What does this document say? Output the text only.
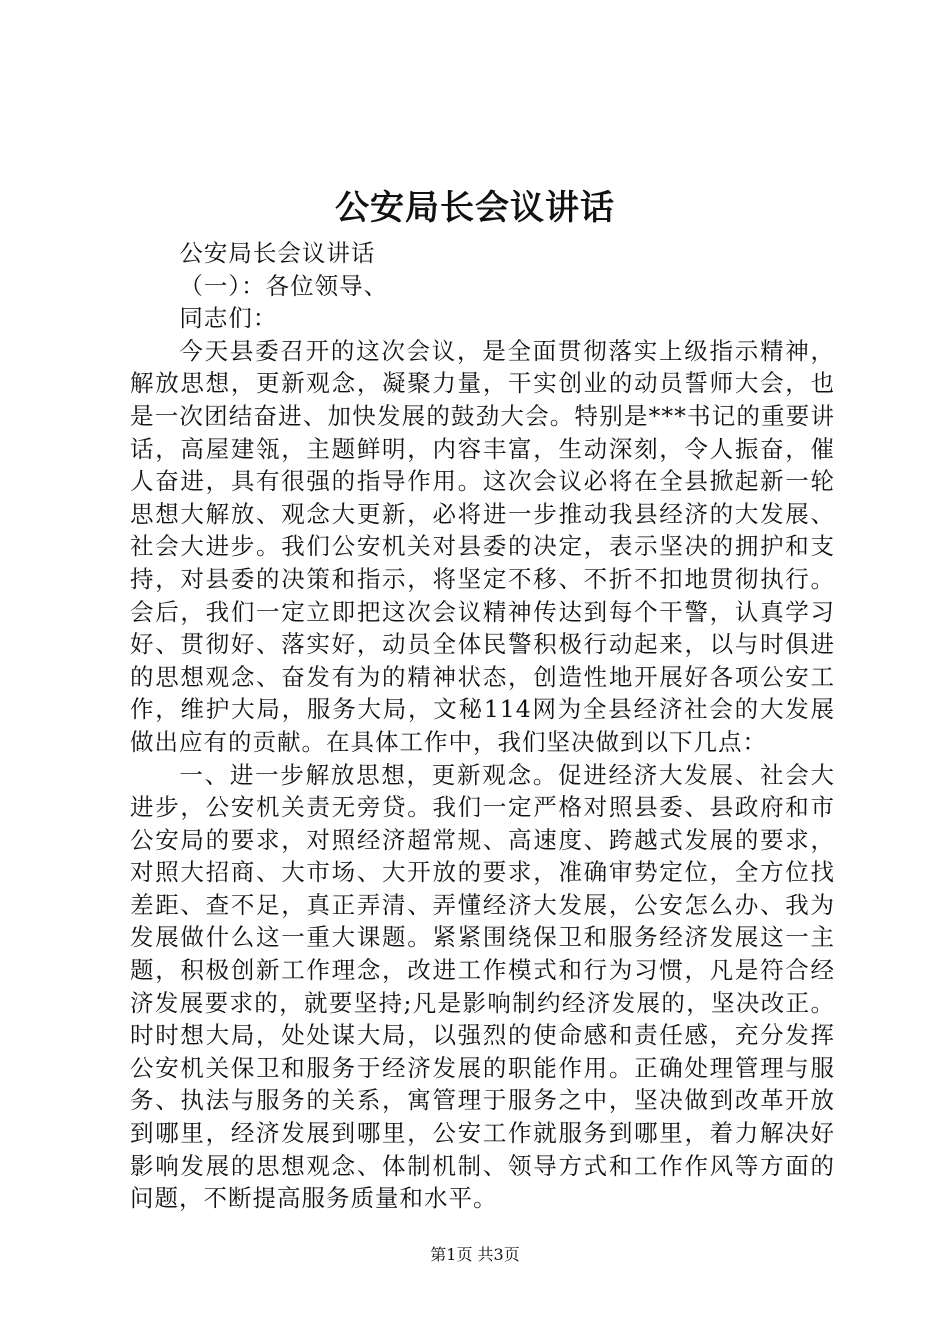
公安局长会议讲话

公安局长会议讲话

（一）：各位领导、

同志们：

今天县委召开的这次会议，是全面贯彻落实上级指示精神，解放思想，更新观念，凝聚力量，干实创业的动员誓师大会，也是一次团结奋进、加快发展的鼓劲大会。特别是***书记的重要讲话，高屋建瓴，主题鲜明，内容丰富，生动深刻，令人振奋，催人奋进，具有很强的指导作用。这次会议必将在全县掀起新一轮思想大解放、观念大更新，必将进一步推动我县经济的大发展、社会大进步。我们公安机关对县委的决定，表示坚决的拥护和支持，对县委的决策和指示，将坚定不移、不折不扣地贯彻执行。会后，我们一定立即把这次会议精神传达到每个干警，认真学习好、贯彻好、落实好，动员全体民警积极行动起来，以与时俱进的思想观念、奋发有为的精神状态，创造性地开展好各项公安工作，维护大局，服务大局，文秘114网为全县经济社会的大发展做出应有的贡献。在具体工作中，我们坚决做到以下几点：

一、进一步解放思想，更新观念。促进经济大发展、社会大进步，公安机关责无旁贷。我们一定严格对照县委、县政府和市公安局的要求，对照经济超常规、高速度、跨越式发展的要求，对照大招商、大市场、大开放的要求，准确审势定位，全方位找差距、查不足，真正弄清、弄懂经济大发展，公安怎么办、我为发展做什么这一重大课题。紧紧围绕保卫和服务经济发展这一主题，积极创新工作理念，改进工作模式和行为习惯，凡是符合经济发展要求的，就要坚持;凡是影响制约经济发展的，坚决改正。时时想大局，处处谋大局，以强烈的使命感和责任感，充分发挥公安机关保卫和服务于经济发展的职能作用。正确处理管理与服务、执法与服务的关系，寓管理于服务之中，坚决做到改革开放到哪里，经济发展到哪里，公安工作就服务到哪里，着力解决好影响发展的思想观念、体制机制、领导方式和工作作风等方面的问题，不断提高服务质量和水平。

第1页 共3页
